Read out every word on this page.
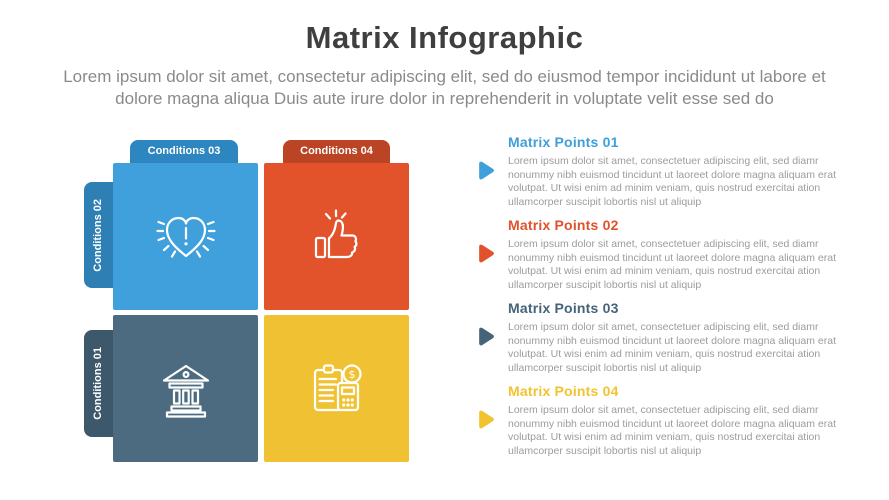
Matrix Infographic
Lorem ipsum dolor sit amet, consectetur adipiscing elit, sed do eiusmod tempor incididunt ut labore et dolore magna aliqua Duis aute irure dolor in reprehenderit in voluptate velit esse sed do
Conditions 03	Conditions 04
Conditions 02
Conditions 01	$
Matrix Points 01

Lorem ipsum dolor sit amet, consectetuer adipiscing elit, sed diamr nonummy nibh euismod tincidunt ut laoreet dolore magna aliquam erat volutpat. Ut wisi enim ad minim veniam, quis nostrud exercitai ation ullamcorper suscipit lobortis nisl ut aliquip

Matrix Points 02

Lorem ipsum dolor sit amet, consectetuer adipiscing elit, sed diamr nonummy nibh euismod tincidunt ut laoreet dolore magna aliquam erat volutpat. Ut wisi enim ad minim veniam, quis nostrud exercitai ation ullamcorper suscipit lobortis nisl ut aliquip

Matrix Points 03

Lorem ipsum dolor sit amet, consectetuer adipiscing elit, sed diamr nonummy nibh euismod tincidunt ut laoreet dolore magna aliquam erat volutpat. Ut wisi enim ad minim veniam, quis nostrud exercitai ation ullamcorper suscipit lobortis nisl ut aliquip

Matrix Points 04

Lorem ipsum dolor sit amet, consectetuer adipiscing elit, sed diamr nonummy nibh euismod tincidunt ut laoreet dolore magna aliquam erat volutpat. Ut wisi enim ad minim veniam, quis nostrud exercitai ation ullamcorper suscipit lobortis nisl ut aliquip
